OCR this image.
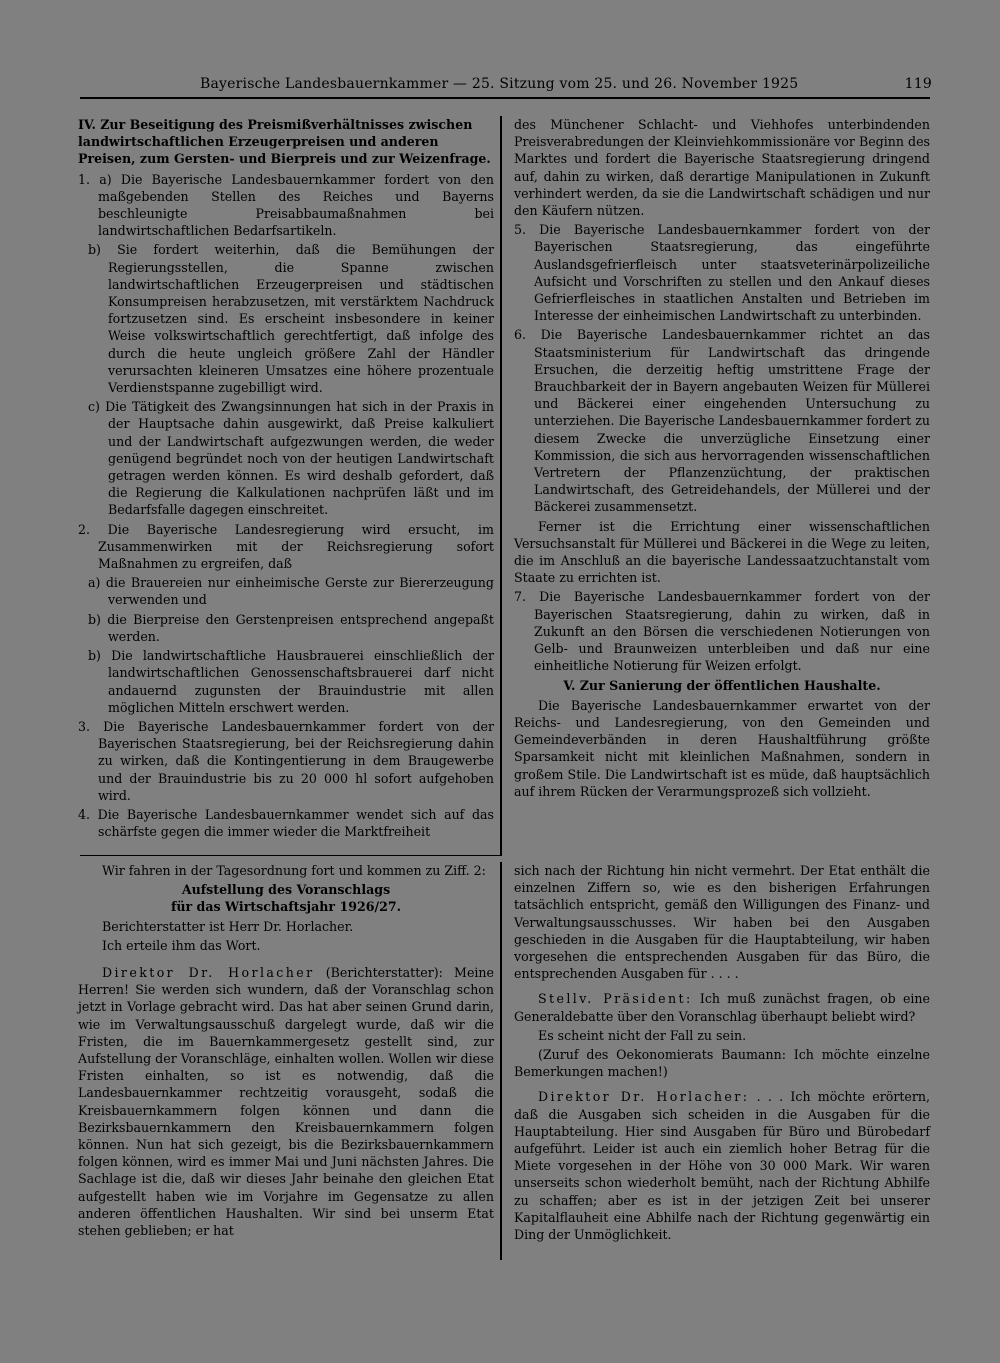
Bayerische Landesbauernkammer — 25. Sitzung vom 25. und 26. November 1925	119

IV. Zur Beseitigung des Preismißverhältnisses zwischen landwirtschaftlichen Erzeugerpreisen und anderen Preisen, zum Gersten- und Bierpreis und zur Weizenfrage.

1. a) Die Bayerische Landesbauernkammer fordert von den maßgebenden Stellen des Reiches und Bayerns beschleunigte Preisabbaumaßnahmen bei landwirtschaftlichen Bedarfsartikeln.

b) Sie fordert weiterhin, daß die Bemühungen der Regierungsstellen, die Spanne zwischen landwirtschaftlichen Erzeugerpreisen und städtischen Konsumpreisen herabzusetzen, mit verstärktem Nachdruck fortzusetzen sind. Es erscheint insbesondere in keiner Weise volkswirtschaftlich gerechtfertigt, daß infolge des durch die heute ungleich größere Zahl der Händler verursachten kleineren Umsatzes eine höhere prozentuale Verdienstspanne zugebilligt wird.

c) Die Tätigkeit des Zwangsinnungen hat sich in der Praxis in der Hauptsache dahin ausgewirkt, daß Preise kalkuliert und der Landwirtschaft aufgezwungen werden, die weder genügend begründet noch von der heutigen Landwirtschaft getragen werden können. Es wird deshalb gefordert, daß die Regierung die Kalkulationen nachprüfen läßt und im Bedarfsfalle dagegen einschreitet.

2. Die Bayerische Landesregierung wird ersucht, im Zusammenwirken mit der Reichsregierung sofort Maßnahmen zu ergreifen, daß

a) die Brauereien nur einheimische Gerste zur Biererzeugung verwenden und

b) die Bierpreise den Gerstenpreisen entsprechend angepaßt werden.

b) Die landwirtschaftliche Hausbrauerei einschließlich der landwirtschaftlichen Genossenschaftsbrauerei darf nicht andauernd zugunsten der Brauindustrie mit allen möglichen Mitteln erschwert werden.

3. Die Bayerische Landesbauernkammer fordert von der Bayerischen Staatsregierung, bei der Reichsregierung dahin zu wirken, daß die Kontingentierung in dem Braugewerbe und der Brauindustrie bis zu 20 000 hl sofort aufgehoben wird.

4. Die Bayerische Landesbauernkammer wendet sich auf das schärfste gegen die immer wieder die Marktfreiheit

des Münchener Schlacht- und Viehhofes unterbindenden Preisverabredungen der Kleinviehkommissionäre vor Beginn des Marktes und fordert die Bayerische Staatsregierung dringend auf, dahin zu wirken, daß derartige Manipulationen in Zukunft verhindert werden, da sie die Landwirtschaft schädigen und nur den Käufern nützen.

5. Die Bayerische Landesbauernkammer fordert von der Bayerischen Staatsregierung, das eingeführte Auslandsgefrierfleisch unter staatsveterinärpolizeiliche Aufsicht und Vorschriften zu stellen und den Ankauf dieses Gefrierfleisches in staatlichen Anstalten und Betrieben im Interesse der einheimischen Landwirtschaft zu unterbinden.

6. Die Bayerische Landesbauernkammer richtet an das Staatsministerium für Landwirtschaft das dringende Ersuchen, die derzeitig heftig umstrittene Frage der Brauchbarkeit der in Bayern angebauten Weizen für Müllerei und Bäckerei einer eingehenden Untersuchung zu unterziehen. Die Bayerische Landesbauernkammer fordert zu diesem Zwecke die unverzügliche Einsetzung einer Kommission, die sich aus hervorragenden wissenschaftlichen Vertretern der Pflanzenzüchtung, der praktischen Landwirtschaft, des Getreidehandels, der Müllerei und der Bäckerei zusammensetzt.

Ferner ist die Errichtung einer wissenschaftlichen Versuchsanstalt für Müllerei und Bäckerei in die Wege zu leiten, die im Anschluß an die bayerische Landessaatzuchtanstalt vom Staate zu errichten ist.

7. Die Bayerische Landesbauernkammer fordert von der Bayerischen Staatsregierung, dahin zu wirken, daß in Zukunft an den Börsen die verschiedenen Notierungen von Gelb- und Braunweizen unterbleiben und daß nur eine einheitliche Notierung für Weizen erfolgt.

V. Zur Sanierung der öffentlichen Haushalte.

Die Bayerische Landesbauernkammer erwartet von der Reichs- und Landesregierung, von den Gemeinden und Gemeindeverbänden in deren Haushaltführung größte Sparsamkeit nicht mit kleinlichen Maßnahmen, sondern in großem Stile. Die Landwirtschaft ist es müde, daß hauptsächlich auf ihrem Rücken der Verarmungsprozeß sich vollzieht.

Wir fahren in der Tagesordnung fort und kommen zu Ziff. 2:

Aufstellung des Voranschlags

für das Wirtschaftsjahr 1926/27.

Berichterstatter ist Herr Dr. Horlacher.

Ich erteile ihm das Wort.

Direktor Dr. Horlacher (Berichterstatter): Meine Herren! Sie werden sich wundern, daß der Voranschlag schon jetzt in Vorlage gebracht wird. Das hat aber seinen Grund darin, wie im Verwaltungsausschuß dargelegt wurde, daß wir die Fristen, die im Bauernkammergesetz gestellt sind, zur Aufstellung der Voranschläge, einhalten wollen. Wollen wir diese Fristen einhalten, so ist es notwendig, daß die Landesbauernkammer rechtzeitig vorausgeht, sodaß die Kreisbauernkammern folgen können und dann die Bezirksbauernkammern den Kreisbauernkammern folgen können. Nun hat sich gezeigt, bis die Bezirksbauernkammern folgen können, wird es immer Mai und Juni nächsten Jahres. Die Sachlage ist die, daß wir dieses Jahr beinahe den gleichen Etat aufgestellt haben wie im Vorjahre im Gegensatze zu allen anderen öffentlichen Haushalten. Wir sind bei unserm Etat stehen geblieben; er hat

sich nach der Richtung hin nicht vermehrt. Der Etat enthält die einzelnen Ziffern so, wie es den bisherigen Erfahrungen tatsächlich entspricht, gemäß den Willigungen des Finanz- und Verwaltungsausschusses. Wir haben bei den Ausgaben geschieden in die Ausgaben für die Hauptabteilung, wir haben vorgesehen die entsprechenden Ausgaben für das Büro, die entsprechenden Ausgaben für . . . .

Stellv. Präsident: Ich muß zunächst fragen, ob eine Generaldebatte über den Voranschlag überhaupt beliebt wird?

Es scheint nicht der Fall zu sein.

(Zuruf des Oekonomierats Baumann: Ich möchte einzelne Bemerkungen machen!)

Direktor Dr. Horlacher: . . . Ich möchte erörtern, daß die Ausgaben sich scheiden in die Ausgaben für die Hauptabteilung. Hier sind Ausgaben für Büro und Bürobedarf aufgeführt. Leider ist auch ein ziemlich hoher Betrag für die Miete vorgesehen in der Höhe von 30 000 Mark. Wir waren unserseits schon wiederholt bemüht, nach der Richtung Abhilfe zu schaffen; aber es ist in der jetzigen Zeit bei unserer Kapitalflauheit eine Abhilfe nach der Richtung gegenwärtig ein Ding der Unmöglichkeit.
